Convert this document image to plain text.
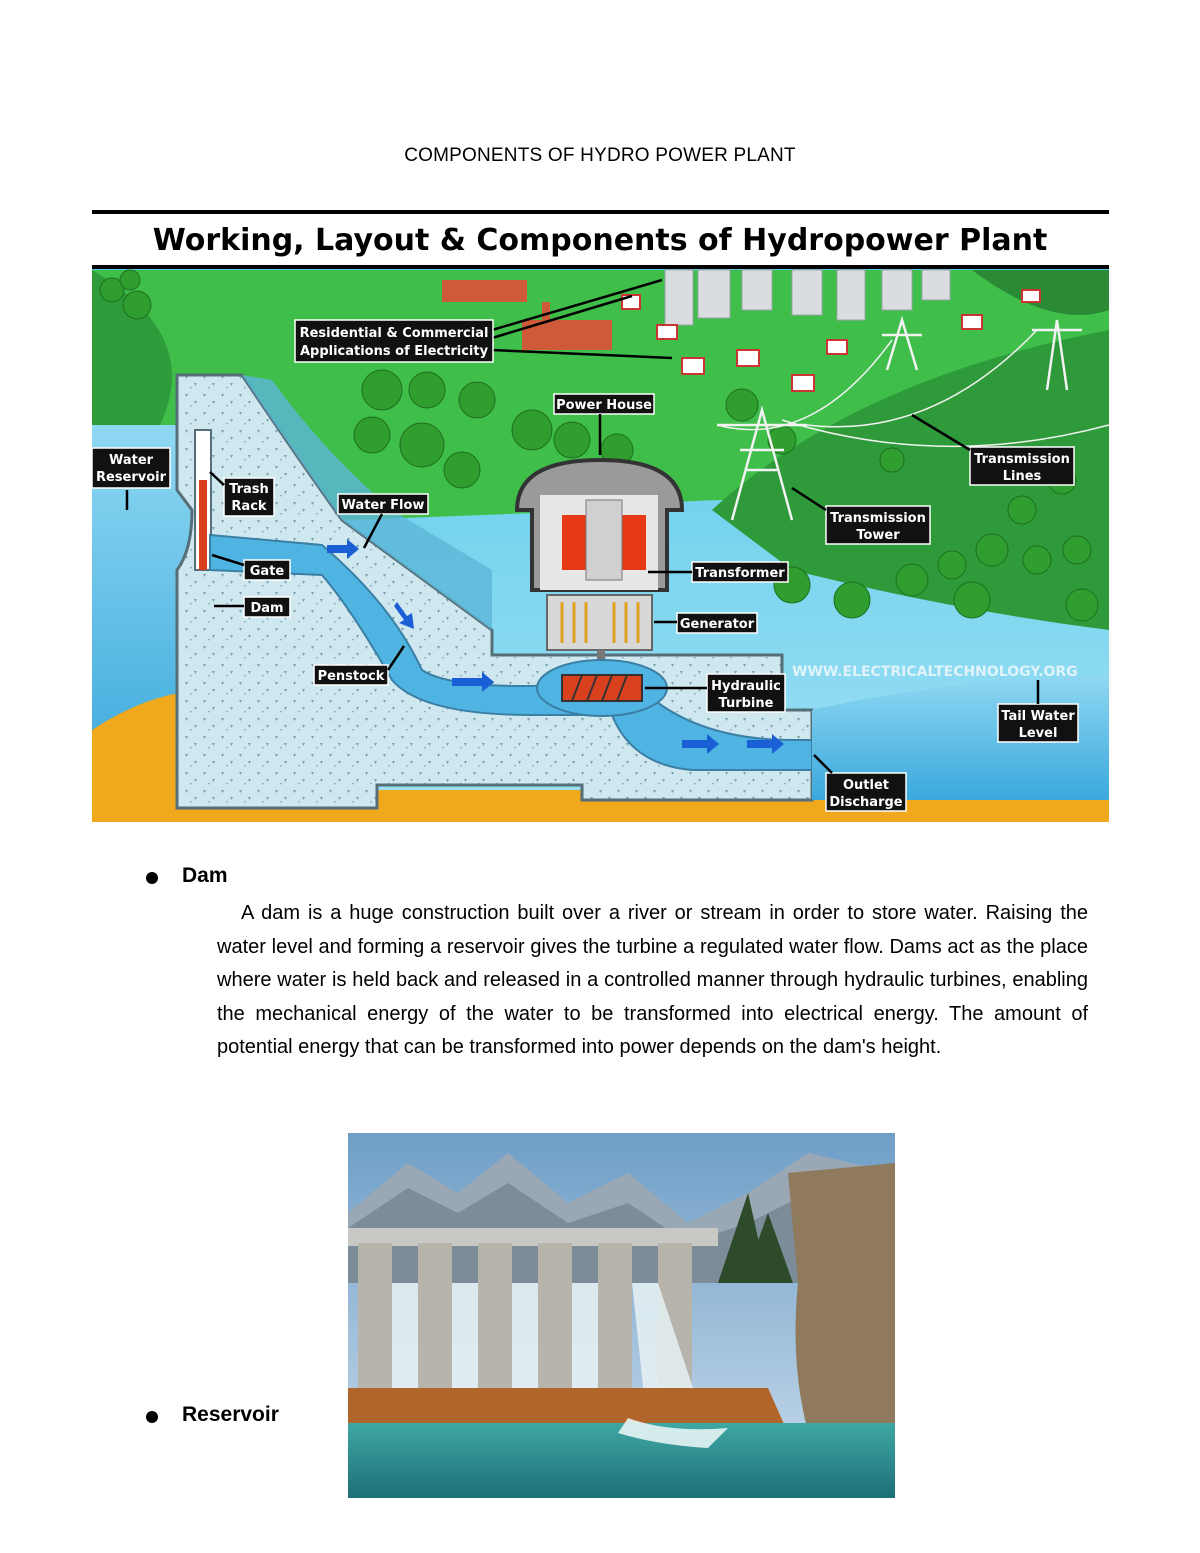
COMPONENTS OF HYDRO POWER PLANT
Working, Layout & Components of Hydropower Plant
WWW.ELECTRICALTECHNOLOGY.ORG
Residential & Commercial
Applications of Electricity
Water
Reservoir
Trash
Rack	Water Flow
Gate
Dam
Penstock
Power House
Transformer
Generator
Hydraulic
Turbine
Transmission
Lines
Transmission
Tower
Tail Water
Level
Outlet
Discharge
Dam
A dam is a huge construction built over a river or stream in order to store water. Raising the water level and forming a reservoir gives the turbine a regulated water flow. Dams act as the place where water is held back and released in a controlled manner through hydraulic turbines, enabling the mechanical energy of the water to be transformed into electrical energy. The amount of potential energy that can be transformed into power depends on the dam's height.
Reservoir
